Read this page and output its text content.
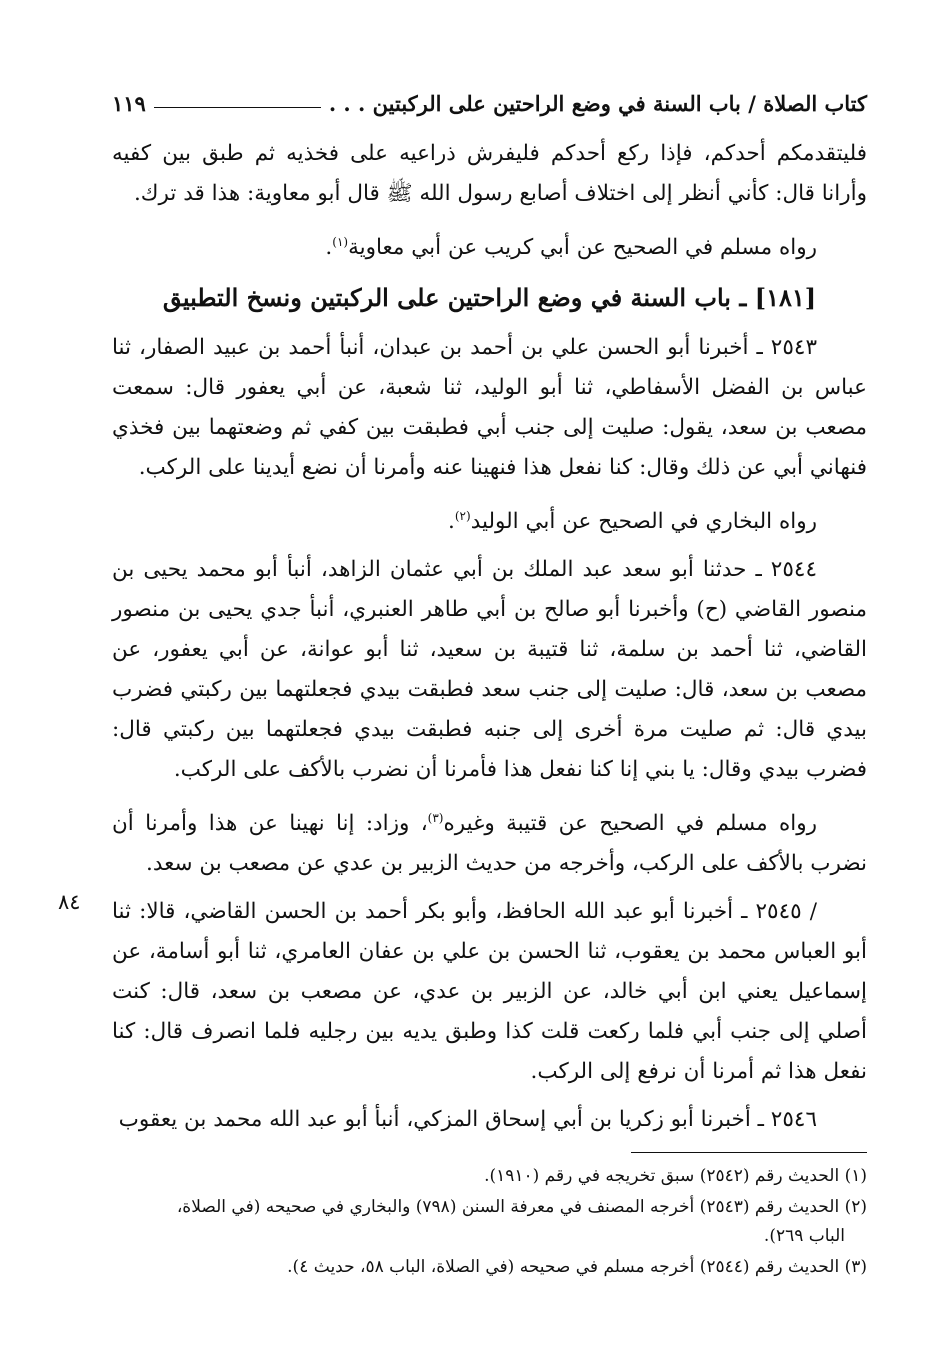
كتاب الصلاة / باب السنة في وضع الراحتين على الركبتين . . .
١١٩
٨٤

فليتقدمكم أحدكم، فإذا ركع أحدكم فليفرش ذراعيه على فخذيه ثم طبق بين كفيه وأرانا قال: كأني أنظر إلى اختلاف أصابع رسول الله ﷺ قال أبو معاوية: هذا قد ترك.

رواه مسلم في الصحيح عن أبي كريب عن أبي معاوية$^{(١)}$.

[١٨١] ـ باب السنة في وضع الراحتين على الركبتين ونسخ التطبيق

٢٥٤٣ ـ أخبرنا أبو الحسن علي بن أحمد بن عبدان، أنبأ أحمد بن عبيد الصفار، ثنا عباس بن الفضل الأسفاطي، ثنا أبو الوليد، ثنا شعبة، عن أبي يعفور قال: سمعت مصعب بن سعد، يقول: صليت إلى جنب أبي فطبقت بين كفي ثم وضعتهما بين فخذي فنهاني أبي عن ذلك وقال: كنا نفعل هذا فنهينا عنه وأمرنا أن نضع أيدينا على الركب.

رواه البخاري في الصحيح عن أبي الوليد$^{(٢)}$.

٢٥٤٤ ـ حدثنا أبو سعد عبد الملك بن أبي عثمان الزاهد، أنبأ أبو محمد يحيى بن منصور القاضي (ح) وأخبرنا أبو صالح بن أبي طاهر العنبري، أنبأ جدي يحيى بن منصور القاضي، ثنا أحمد بن سلمة، ثنا قتيبة بن سعيد، ثنا أبو عوانة، عن أبي يعفور، عن مصعب بن سعد، قال: صليت إلى جنب سعد فطبقت بيدي فجعلتهما بين ركبتي فضرب بيدي قال: ثم صليت مرة أخرى إلى جنبه فطبقت بيدي فجعلتهما بين ركبتي قال: فضرب بيدي وقال: يا بني إنا كنا نفعل هذا فأمرنا أن نضرب بالأكف على الركب.

رواه مسلم في الصحيح عن قتيبة وغيره$^{(٣)}$، وزاد: إنا نهينا عن هذا وأمرنا أن نضرب بالأكف على الركب، وأخرجه من حديث الزبير بن عدي عن مصعب بن سعد.

/ ٢٥٤٥ ـ أخبرنا أبو عبد الله الحافظ، وأبو بكر أحمد بن الحسن القاضي، قالا: ثنا أبو العباس محمد بن يعقوب، ثنا الحسن بن علي بن عفان العامري، ثنا أبو أسامة، عن إسماعيل يعني ابن أبي خالد، عن الزبير بن عدي، عن مصعب بن سعد، قال: كنت أصلي إلى جنب أبي فلما ركعت قلت كذا وطبق يديه بين رجليه فلما انصرف قال: كنا نفعل هذا ثم أمرنا أن نرفع إلى الركب.

٢٥٤٦ ـ أخبرنا أبو زكريا بن أبي إسحاق المزكي، أنبأ أبو عبد الله محمد بن يعقوب

(١) الحديث رقم (٢٥٤٢) سبق تخريجه في رقم (١٩١٠).
(٢) الحديث رقم (٢٥٤٣) أخرجه المصنف في معرفة السنن (٧٩٨) والبخاري في صحيحه (في الصلاة،
الباب ٢٦٩).
(٣) الحديث رقم (٢٥٤٤) أخرجه مسلم في صحيحه (في الصلاة، الباب ٥٨، حديث ٤).
